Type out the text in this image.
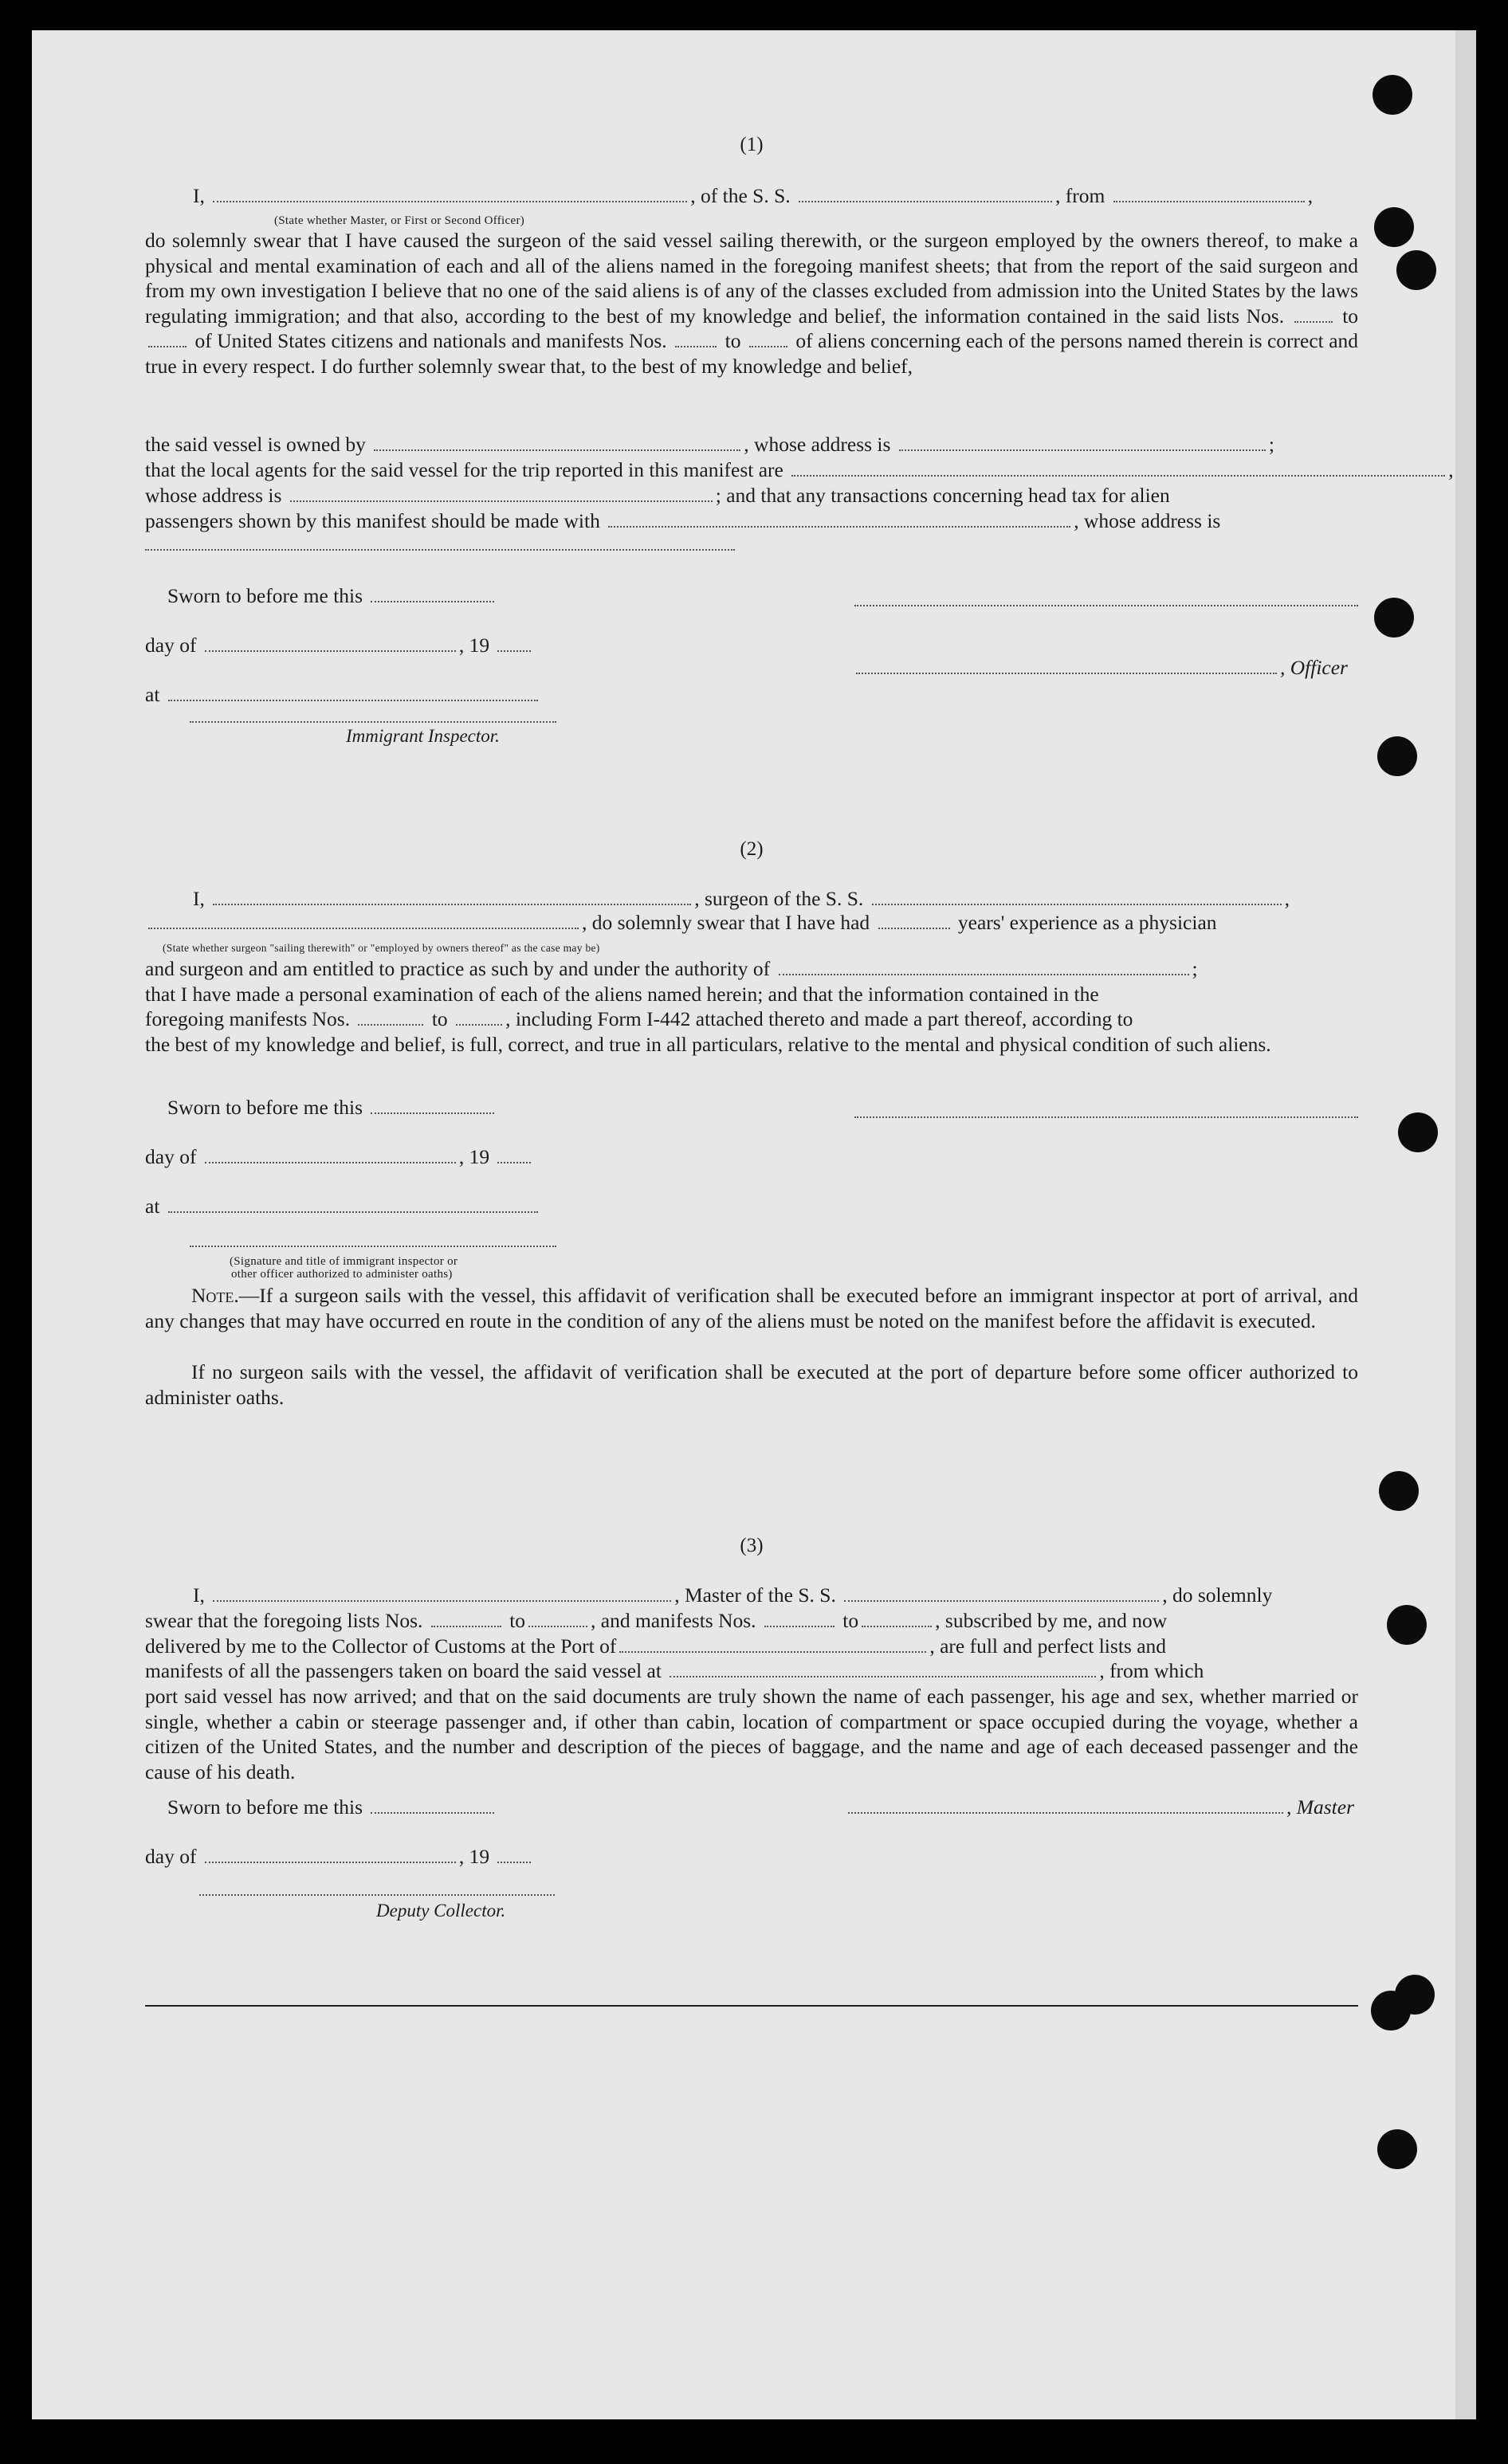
(1)
I,	, of the S. S.	, from	,
(State whether Master, or First or Second Officer)

do solemnly swear that I have caused the surgeon of the said vessel sailing therewith, or the surgeon employed by the owners thereof, to make a physical and mental examination of each and all of the aliens named in the foregoing manifest sheets; that from the report of the said surgeon and from my own investigation I believe that no one of the said aliens is of any of the classes excluded from admission into the United States by the laws regulating immigration; and that also, according to the best of my knowledge and belief, the information contained in the said lists Nos.	to  of United States citizens and nationals and manifests Nos.	to	of aliens concerning each of the persons named therein is correct and true in every respect. I do further solemnly swear that, to the best of my knowledge and belief,

the said vessel is owned by	, whose address is	;
that the local agents for the said vessel for the trip reported in this manifest are	,
whose address is	; and that any transactions concerning head tax for alien
passengers shown by this manifest should be made with	, whose address is
Sworn to before me this
day of	, 19
, Officer
at
Immigrant Inspector.
(2)
I,	, surgeon of the S. S.	,
, do solemnly swear that I have had	years' experience as a physician
(State whether surgeon "sailing therewith" or "employed by owners thereof" as the case may be)
and surgeon and am entitled to practice as such by and under the authority of	;
that I have made a personal examination of each of the aliens named herein; and that the information contained in the
foregoing manifests Nos.	to	, including Form I-442 attached thereto and made a part thereof, according to

the best of my knowledge and belief, is full, correct, and true in all particulars, relative to the mental and physical condition of such aliens.

Sworn to before me this
day of	, 19
at
(Signature and title of immigrant inspector or
other officer authorized to administer oaths)

Note.—If a surgeon sails with the vessel, this affidavit of verification shall be executed before an immigrant inspector at port of arrival, and any changes that may have occurred en route in the condition of any of the aliens must be noted on the manifest before the affidavit is executed.

If no surgeon sails with the vessel, the affidavit of verification shall be executed at the port of departure before some officer authorized to administer oaths.

(3)
I,	, Master of the S. S.	, do solemnly
swear that the foregoing lists Nos.	to	, and manifests Nos.	to	, subscribed by me, and now
delivered by me to the Collector of Customs at the Port of	, are full and perfect lists and
manifests of all the passengers taken on board the said vessel at	, from which

port said vessel has now arrived; and that on the said documents are truly shown the name of each passenger, his age and sex, whether married or single, whether a cabin or steerage passenger and, if other than cabin, location of compartment or space occupied during the voyage, whether a citizen of the United States, and the number and description of the pieces of baggage, and the name and age of each deceased passenger and the cause of his death.

Sworn to before me this	, Master
day of	, 19
Deputy Collector.
